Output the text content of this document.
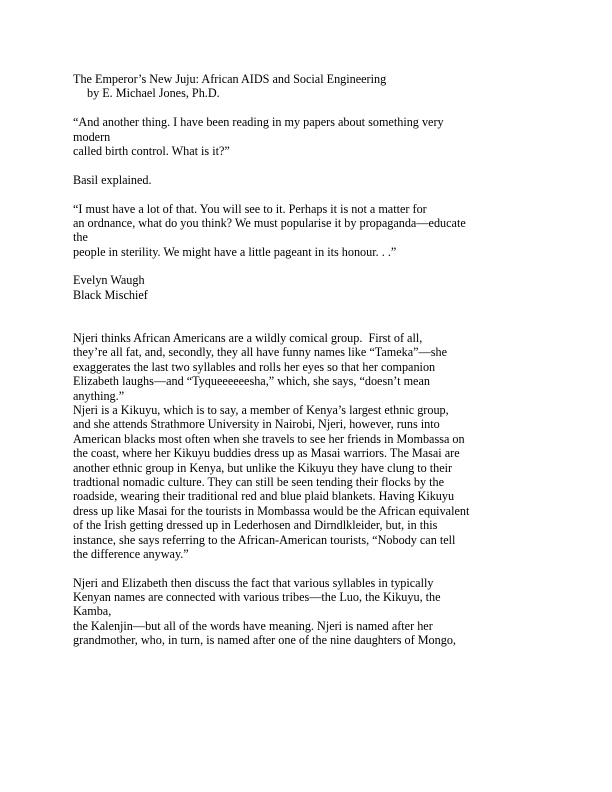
The Emperor’s New Juju: African AIDS and Social Engineering
by E. Michael Jones, Ph.D.
“And another thing. I have been reading in my papers about something very
modern
called birth control. What is it?”
Basil explained.
“I must have a lot of that. You will see to it. Perhaps it is not a matter for
an ordnance, what do you think? We must popularise it by propaganda—educate
the
people in sterility. We might have a little pageant in its honour. . .”
Evelyn Waugh
Black Mischief
Njeri thinks African Americans are a wildly comical group.  First of all,
they’re all fat, and, secondly, they all have funny names like “Tameka”—she
exaggerates the last two syllables and rolls her eyes so that her companion
Elizabeth laughs—and “Tyqueeeeeesha,” which, she says, “doesn’t mean
anything.”
Njeri is a Kikuyu, which is to say, a member of Kenya’s largest ethnic group,
and she attends Strathmore University in Nairobi, Njeri, however, runs into
American blacks most often when she travels to see her friends in Mombassa on
the coast, where her Kikuyu buddies dress up as Masai warriors. The Masai are
another ethnic group in Kenya, but unlike the Kikuyu they have clung to their
tradtional nomadic culture. They can still be seen tending their flocks by the
roadside, wearing their traditional red and blue plaid blankets. Having Kikuyu
dress up like Masai for the tourists in Mombassa would be the African equivalent
of the Irish getting dressed up in Lederhosen and Dirndlkleider, but, in this
instance, she says referring to the African-American tourists, “Nobody can tell
the difference anyway.”
Njeri and Elizabeth then discuss the fact that various syllables in typically
Kenyan names are connected with various tribes—the Luo, the Kikuyu, the
Kamba,
the Kalenjin—but all of the words have meaning. Njeri is named after her
grandmother, who, in turn, is named after one of the nine daughters of Mongo,
